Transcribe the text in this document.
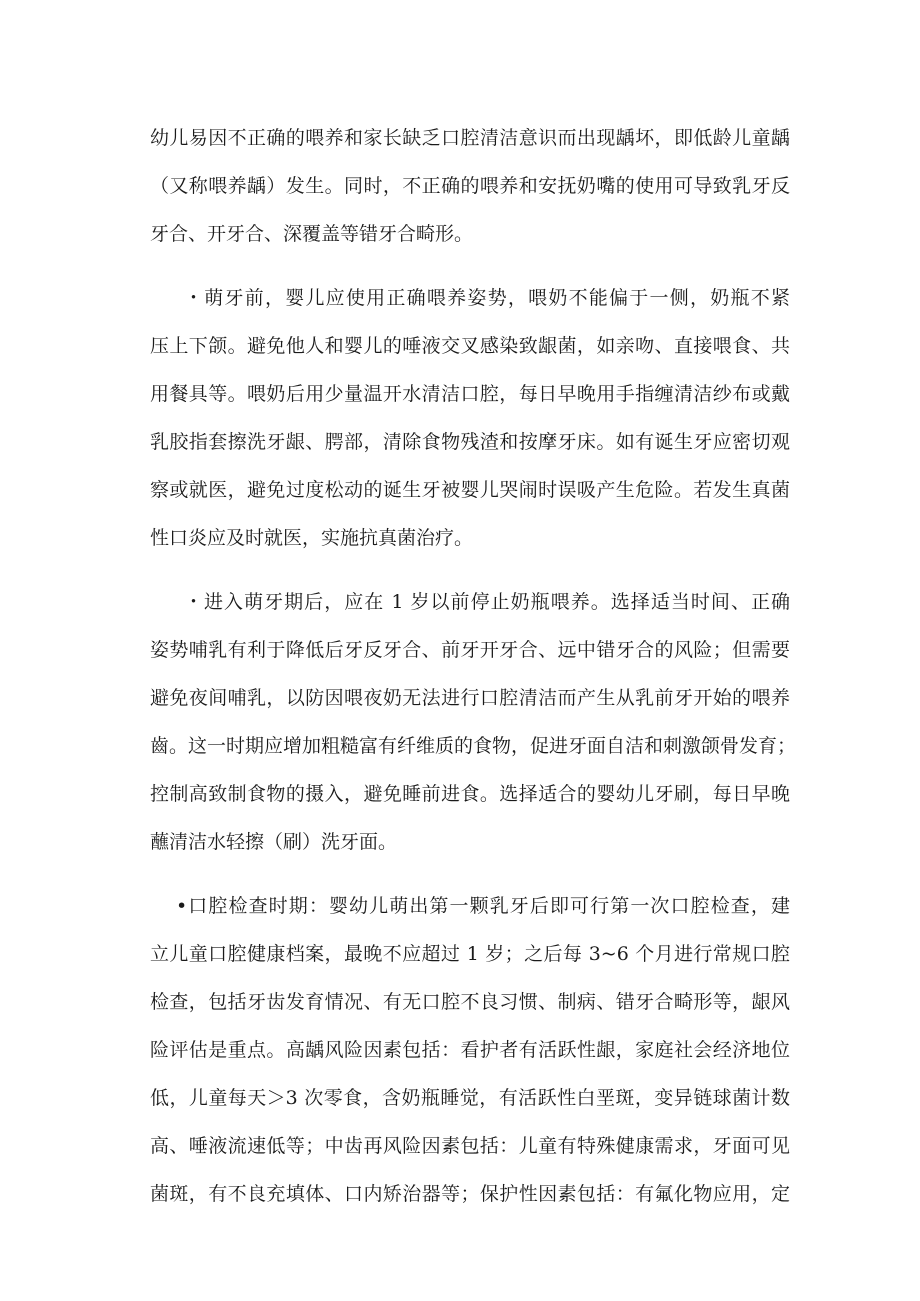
幼儿易因不正确的喂养和家长缺乏口腔清洁意识而出现龋坏，即低龄儿童龋
（又称喂养龋）发生。同时，不正确的喂养和安抚奶嘴的使用可导致乳牙反
牙合、开牙合、深覆盖等错牙合畸形。
・萌牙前，婴儿应使用正确喂养姿势，喂奶不能偏于一侧，奶瓶不紧
压上下颌。避免他人和婴儿的唾液交叉感染致龈菌，如亲吻、直接喂食、共
用餐具等。喂奶后用少量温开水清洁口腔，每日早晚用手指缠清洁纱布或戴
乳胶指套擦洗牙龈、腭部，清除食物残渣和按摩牙床。如有诞生牙应密切观
察或就医，避免过度松动的诞生牙被婴儿哭闹时误吸产生危险。若发生真菌
性口炎应及时就医，实施抗真菌治疗。
・进入萌牙期后，应在 1 岁以前停止奶瓶喂养。选择适当时间、正确
姿势哺乳有利于降低后牙反牙合、前牙开牙合、远中错牙合的风险；但需要
避免夜间哺乳，以防因喂夜奶无法进行口腔清洁而产生从乳前牙开始的喂养
齒。这一时期应增加粗糙富有纤维质的食物，促进牙面自洁和刺激颌骨发育；
控制高致制食物的摄入，避免睡前进食。选择适合的婴幼儿牙刷，每日早晚
蘸清洁水轻擦（刷）洗牙面。
•口腔检查时期：婴幼儿萌出第一颗乳牙后即可行第一次口腔检查，建
立儿童口腔健康档案，最晚不应超过 1 岁；之后每 3~6 个月进行常规口腔
检查，包括牙齿发育情况、有无口腔不良习惯、制病、错牙合畸形等，龈风
险评估是重点。高龋风险因素包括：看护者有活跃性龈，家庭社会经济地位
低，儿童每天＞3 次零食，含奶瓶睡觉，有活跃性白垩斑，变异链球菌计数
高、唾液流速低等；中齿再风险因素包括：儿童有特殊健康需求，牙面可见
菌斑，有不良充填体、口内矫治器等；保护性因素包括：有氟化物应用，定
